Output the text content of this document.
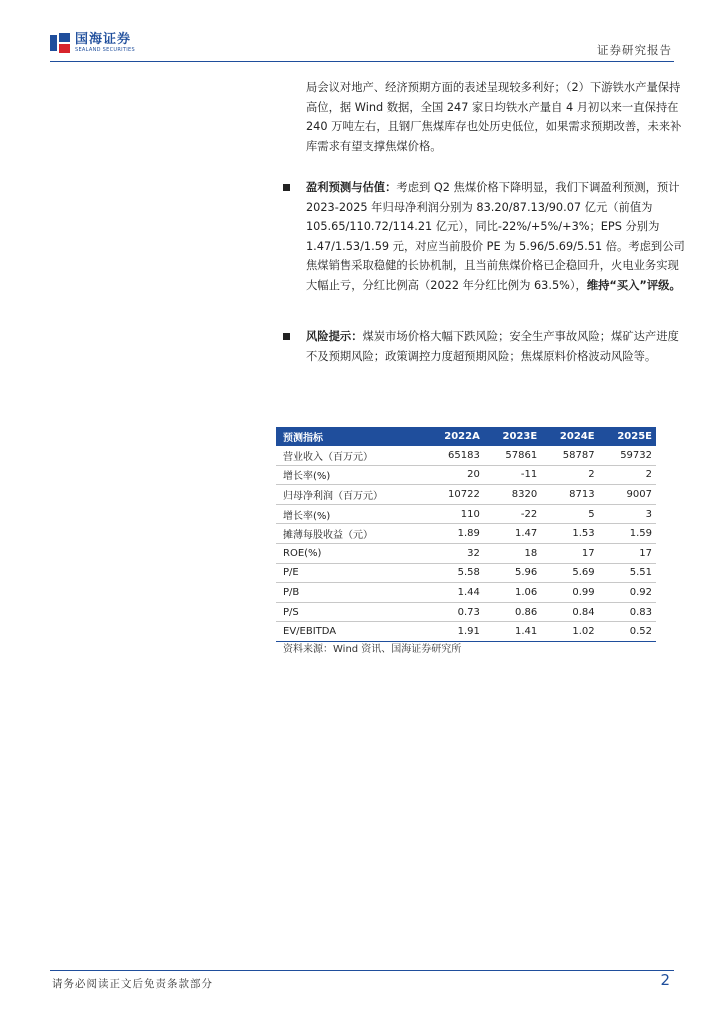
国海证券
SEALAND SECURITIES	证券研究报告
局会议对地产、经济预期方面的表述呈现较多利好；（2）下游铁水产量保持高位，据 Wind 数据，全国 247 家日均铁水产量自 4 月初以来一直保持在 240 万吨左右，且钢厂焦煤库存也处历史低位，如果需求预期改善，未来补库需求有望支撑焦煤价格。
盈利预测与估值：考虑到 Q2 焦煤价格下降明显，我们下调盈利预测，预计 2023-2025 年归母净利润分别为 83.20/87.13/90.07 亿元（前值为 105.65/110.72/114.21 亿元），同比-22%/+5%/+3%；EPS 分别为 1.47/1.53/1.59 元，对应当前股价 PE 为 5.96/5.69/5.51 倍。考虑到公司焦煤销售采取稳健的长协机制，且当前焦煤价格已企稳回升，火电业务实现大幅止亏，分红比例高（2022 年分红比例为 63.5%），维持“买入”评级。
风险提示：煤炭市场价格大幅下跌风险；安全生产事故风险；煤矿达产进度不及预期风险；政策调控力度超预期风险；焦煤原料价格波动风险等。
预测指标	2022A	2023E	2024E	2025E
营业收入（百万元）	65183	57861	58787	59732
增长率(%)	20	-11	2	2
归母净利润（百万元）	10722	8320	8713	9007
增长率(%)	110	-22	5	3
摊薄每股收益（元）	1.89	1.47	1.53	1.59
ROE(%)	32	18	17	17
P/E	5.58	5.96	5.69	5.51
P/B	1.44	1.06	0.99	0.92
P/S	0.73	0.86	0.84	0.83
EV/EBITDA	1.91	1.41	1.02	0.52
资料来源：Wind 资讯、国海证券研究所
请务必阅读正文后免责条款部分	2
